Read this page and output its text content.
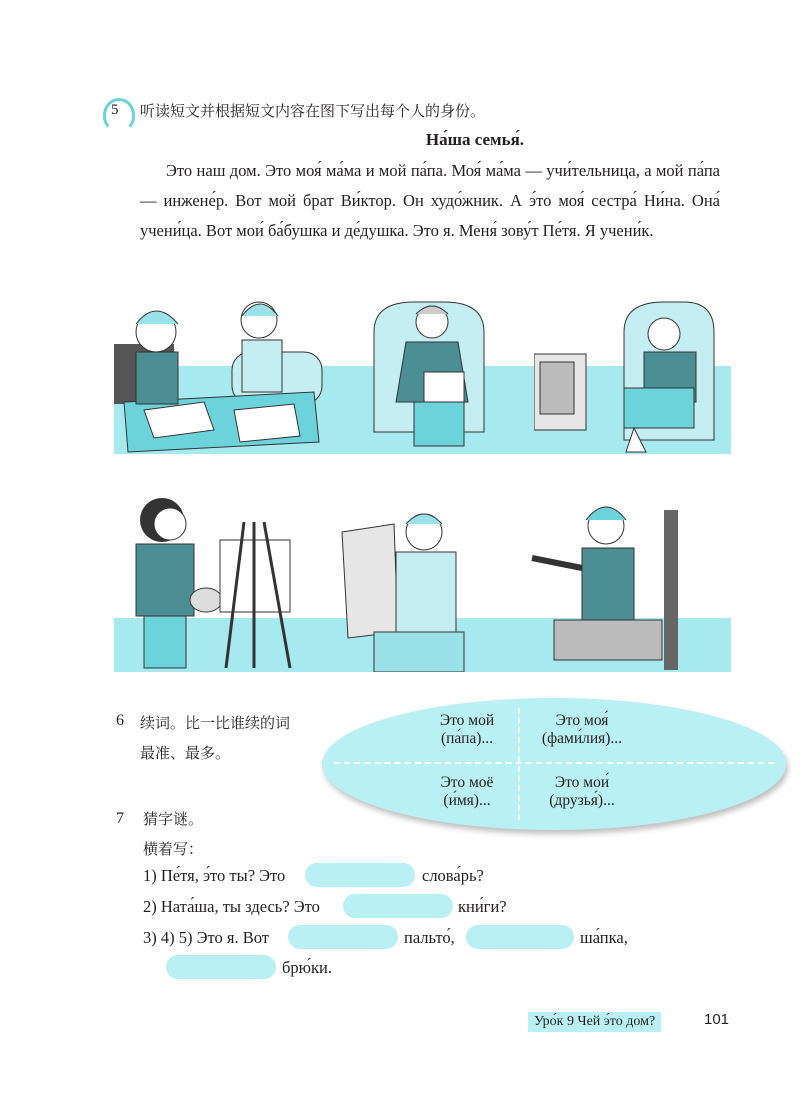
5 听读短文并根据短文内容在图下写出每个人的身份。
На́ша семья́.
Это наш дом. Это моя́ ма́ма и мой па́па. Моя́ ма́ма — учи́тельница, а мой па́па — инжене́р. Вот мой брат Ви́ктор. Он худо́жник. А э́то моя́ сестра́ Ни́на. Она́ учени́ца. Вот мои́ ба́бушка и де́душка. Это я. Меня́ зову́т Пе́тя. Я учени́к.
6 续词。比一比谁续的词
最准、最多。
Это мой
(па́па)...
Это моя́
(фами́лия)...
Это моё
(и́мя)...
Это мои́
(друзья́)...
7 猜字谜。
横着写：
1) Пе́тя, э́то ты? Это	слова́рь?
2) Ната́ша, ты здесь? Это	кни́ги?
3) 4) 5) Это я. Вот	пальто́,	ша́пка,
брю́ки.
Уро́к 9 Чей э́то дом?	101
